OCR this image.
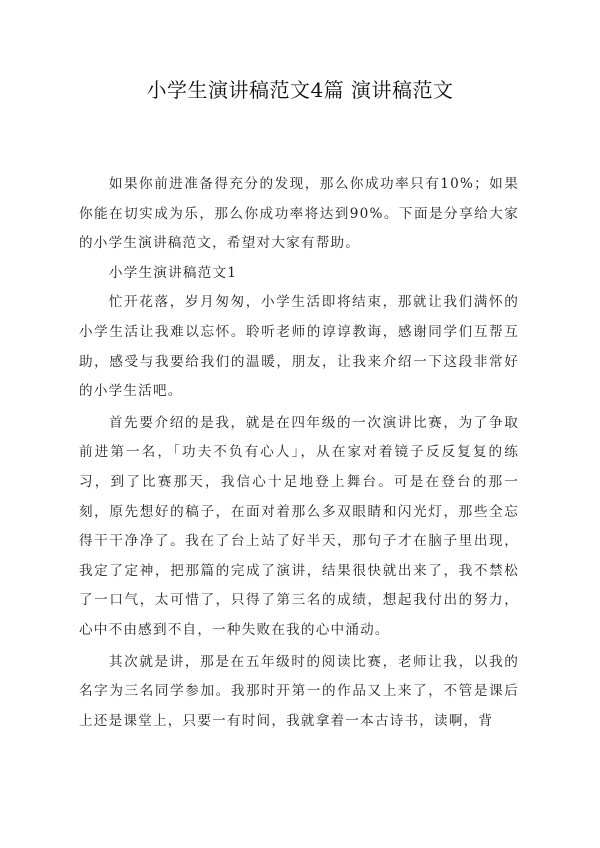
小学生演讲稿范文4篇 演讲稿范文

如果你前进准备得充分的发现，那么你成功率只有10%；如果你能在切实成为乐，那么你成功率将达到90%。下面是分享给大家的小学生演讲稿范文，希望对大家有帮助。

小学生演讲稿范文1

忙开花落，岁月匆匆，小学生活即将结束，那就让我们满怀的小学生活让我难以忘怀。聆听老师的谆谆教诲，感谢同学们互帮互助，感受与我要给我们的温暖，朋友，让我来介绍一下这段非常好的小学生活吧。

首先要介绍的是我，就是在四年级的一次演讲比赛，为了争取前进第一名，「功夫不负有心人」，从在家对着镜子反反复复的练习，到了比赛那天，我信心十足地登上舞台。可是在登台的那一刻，原先想好的稿子，在面对着那么多双眼睛和闪光灯，那些全忘得干干净净了。我在了台上站了好半天，那句子才在脑子里出现，我定了定神，把那篇的完成了演讲，结果很快就出来了，我不禁松了一口气，太可惜了，只得了第三名的成绩，想起我付出的努力，心中不由感到不自，一种失败在我的心中涌动。

其次就是讲，那是在五年级时的阅读比赛，老师让我，以我的名字为三名同学参加。我那时开第一的作品又上来了，不管是课后上还是课堂上，只要一有时间，我就拿着一本古诗书，读啊，背
